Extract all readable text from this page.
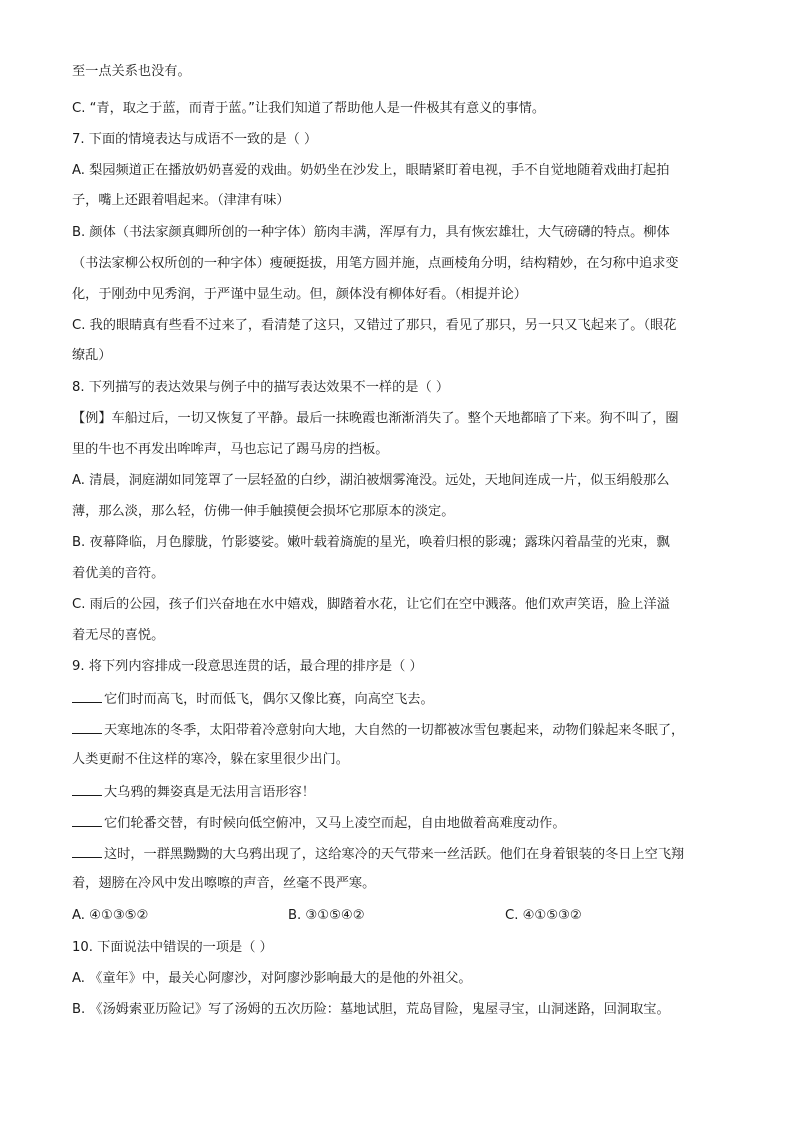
至一点关系也没有。
C. “青，取之于蓝，而青于蓝。”让我们知道了帮助他人是一件极其有意义的事情。
7. 下面的情境表达与成语不一致的是（ ）
A. 梨园频道正在播放奶奶喜爱的戏曲。奶奶坐在沙发上，眼睛紧盯着电视，手不自觉地随着戏曲打起拍
子，嘴上还跟着唱起来。（津津有味）
B. 颜体（书法家颜真卿所创的一种字体）筋肉丰满，浑厚有力，具有恢宏雄壮，大气磅礴的特点。柳体
（书法家柳公权所创的一种字体）瘦硬挺拔，用笔方圆并施，点画棱角分明，结构精妙，在匀称中追求变
化，于刚劲中见秀润，于严谨中显生动。但，颜体没有柳体好看。（相提并论）
C. 我的眼睛真有些看不过来了，看清楚了这只，又错过了那只，看见了那只，另一只又飞起来了。（眼花
缭乱）
8. 下列描写的表达效果与例子中的描写表达效果不一样的是（ ）
【例】车船过后，一切又恢复了平静。最后一抹晚霞也渐渐消失了。整个天地都暗了下来。狗不叫了，圈
里的牛也不再发出哞哞声，马也忘记了踢马房的挡板。
A. 清晨，洞庭湖如同笼罩了一层轻盈的白纱，湖泊被烟雾淹没。远处，天地间连成一片，似玉绢般那么
薄，那么淡，那么轻，仿佛一伸手触摸便会损坏它那原本的淡定。
B. 夜幕降临，月色朦胧，竹影婆娑。嫩叶载着旖旎的星光，唤着归根的影魂；露珠闪着晶莹的光束，飘
着优美的音符。
C. 雨后的公园，孩子们兴奋地在水中嬉戏，脚踏着水花，让它们在空中溅落。他们欢声笑语，脸上洋溢
着无尽的喜悦。
9. 将下列内容排成一段意思连贯的话，最合理的排序是（ ）
它们时而高飞，时而低飞，偶尔又像比赛，向高空飞去。
天寒地冻的冬季，太阳带着冷意射向大地，大自然的一切都被冰雪包裹起来，动物们躲起来冬眠了，
人类更耐不住这样的寒冷，躲在家里很少出门。
大乌鸦的舞姿真是无法用言语形容！
它们轮番交替，有时候向低空俯冲，又马上凌空而起，自由地做着高难度动作。
这时，一群黑黝黝的大乌鸦出现了，这给寒冷的天气带来一丝活跃。他们在身着银装的冬日上空飞翔
着，翅膀在冷风中发出嚓嚓的声音，丝毫不畏严寒。
A. ④①③⑤②	B. ③①⑤④②	C. ④①⑤③②
10. 下面说法中错误的一项是（ ）
A. 《童年》中，最关心阿廖沙，对阿廖沙影响最大的是他的外祖父。
B. 《汤姆索亚历险记》写了汤姆的五次历险：墓地试胆，荒岛冒险，鬼屋寻宝，山洞迷路，回洞取宝。
